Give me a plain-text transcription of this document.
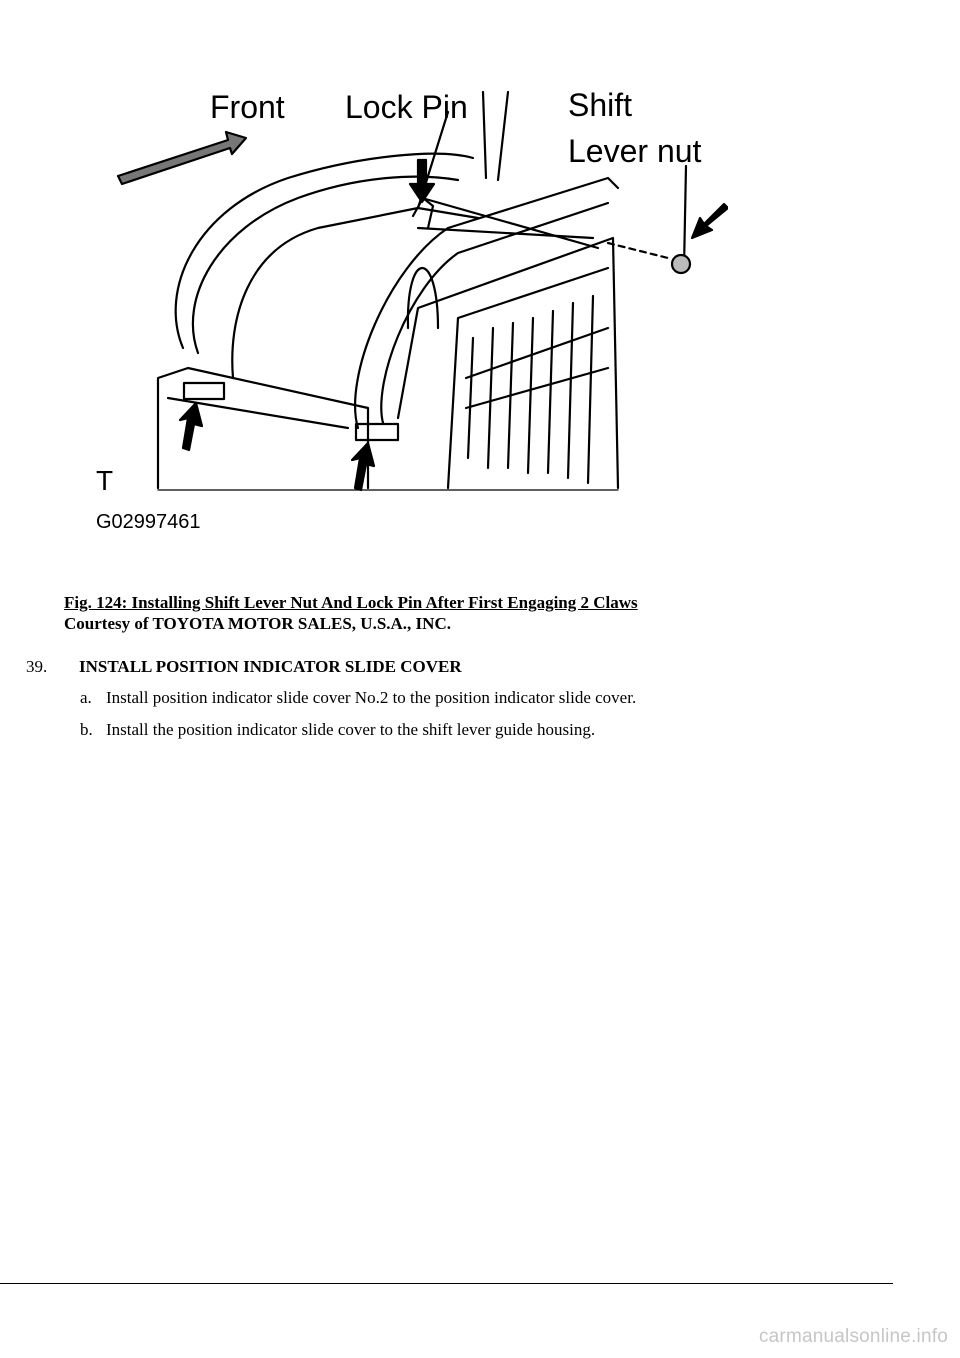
Front Lock Pin	Shift
Lever nut
T
G02997461
Fig. 124: Installing Shift Lever Nut And Lock Pin After First Engaging 2 Claws
Courtesy of TOYOTA MOTOR SALES, U.S.A., INC.
39. INSTALL POSITION INDICATOR SLIDE COVER
a. Install position indicator slide cover No.2 to the position indicator slide cover.
b. Install the position indicator slide cover to the shift lever guide housing.
carmanualsonline.info
